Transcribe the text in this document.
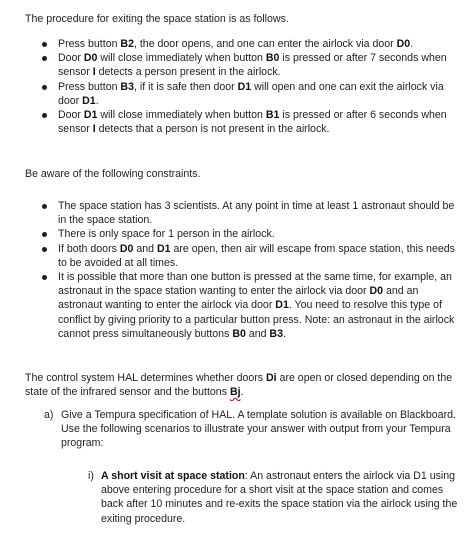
The procedure for exiting the space station is as follows.

Press button B2, the door opens, and one can enter the airlock via door D0.
Door D0 will close immediately when button B0 is pressed or after 7 seconds when sensor I detects a person present in the airlock.
Press button B3, if it is safe then door D1 will open and one can exit the airlock via door D1.
Door D1 will close immediately when button B1 is pressed or after 6 seconds when sensor I detects that a person is not present in the airlock.

Be aware of the following constraints.

The space station has 3 scientists. At any point in time at least 1 astronaut should be in the space station.
There is only space for 1 person in the airlock.
If both doors D0 and D1 are open, then air will escape from space station, this needs to be avoided at all times.
It is possible that more than one button is pressed at the same time, for example, an astronaut in the space station wanting to enter the airlock via door D0 and an astronaut wanting to enter the airlock via door D1. You need to resolve this type of conflict by giving priority to a particular button press. Note: an astronaut in the airlock cannot press simultaneously buttons B0 and B3.

The control system HAL determines whether doors Di are open or closed depending on the state of the infrared sensor and the buttons Bj.

a) Give a Tempura specification of HAL. A template solution is available on Blackboard. Use the following scenarios to illustrate your answer with output from your Tempura program:

i) A short visit at space station: An astronaut enters the airlock via D1 using above entering procedure for a short visit at the space station and comes back after 10 minutes and re-exits the space station via the airlock using the exiting procedure.
